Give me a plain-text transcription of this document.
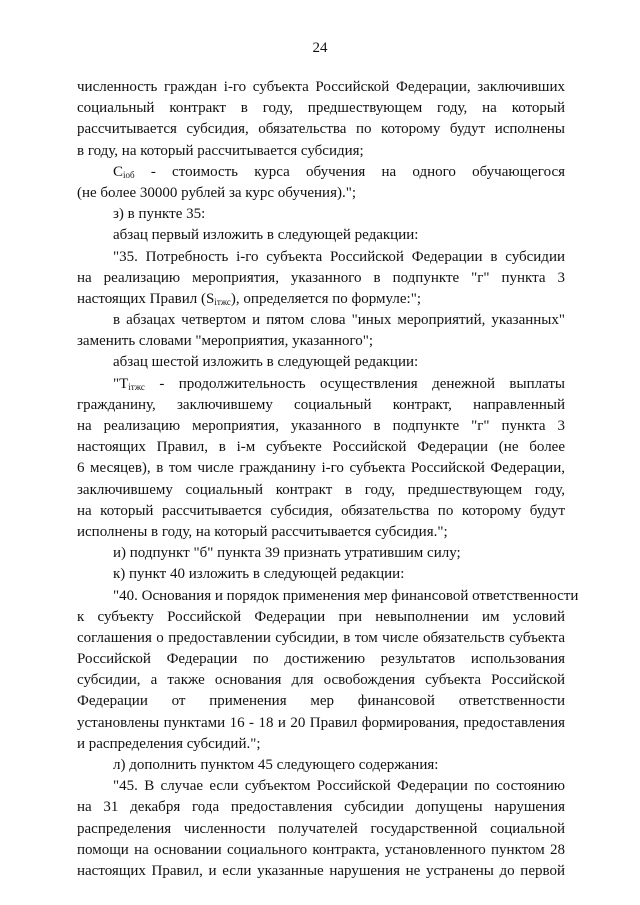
24
численность граждан i-го субъекта Российской Федерации, заключивших
социальный контракт в году, предшествующем году, на который
рассчитывается субсидия, обязательства по которому будут исполнены
в году, на который рассчитывается субсидия;
$C_{iоб}$ - стоимость курса обучения на одного обучающегося
(не более 30000 рублей за курс обучения).";
з) в пункте 35:
абзац первый изложить в следующей редакции:
"35. Потребность i-го субъекта Российской Федерации в субсидии
на реализацию мероприятия, указанного в подпункте "г" пункта 3
настоящих Правил $(S_{iтжс})$, определяется по формуле:";
в абзацах четвертом и пятом слова "иных мероприятий, указанных"
заменить словами "мероприятия, указанного";
абзац шестой изложить в следующей редакции:
"$T_{iтжс}$ - продолжительность осуществления денежной выплаты
гражданину, заключившему социальный контракт, направленный
на реализацию мероприятия, указанного в подпункте "г" пункта 3
настоящих Правил, в i-м субъекте Российской Федерации (не более
6 месяцев), в том числе гражданину i-го субъекта Российской Федерации,
заключившему социальный контракт в году, предшествующем году,
на который рассчитывается субсидия, обязательства по которому будут
исполнены в году, на который рассчитывается субсидия.";
и) подпункт "б" пункта 39 признать утратившим силу;
к) пункт 40 изложить в следующей редакции:
"40. Основания и порядок применения мер финансовой ответственности
к субъекту Российской Федерации при невыполнении им условий
соглашения о предоставлении субсидии, в том числе обязательств субъекта
Российской Федерации по достижению результатов использования
субсидии, а также основания для освобождения субъекта Российской
Федерации от применения мер финансовой ответственности
установлены пунктами 16 - 18 и 20 Правил формирования, предоставления
и распределения субсидий.";
л) дополнить пунктом 45 следующего содержания:
"45. В случае если субъектом Российской Федерации по состоянию
на 31 декабря года предоставления субсидии допущены нарушения
распределения численности получателей государственной социальной
помощи на основании социального контракта, установленного пунктом 28
настоящих Правил, и если указанные нарушения не устранены до первой
